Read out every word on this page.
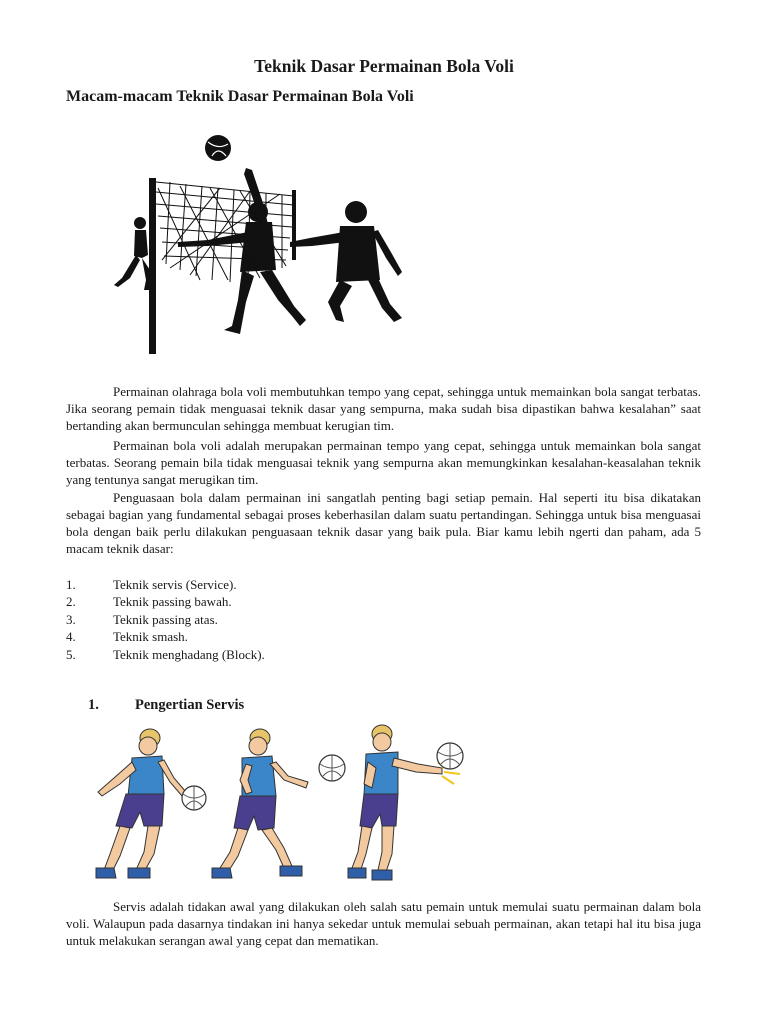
Teknik Dasar Permainan Bola Voli
Macam-macam Teknik Dasar Permainan Bola Voli

Permainan olahraga bola voli membutuhkan tempo yang cepat, sehingga untuk memainkan bola sangat terbatas. Jika seorang pemain tidak menguasai teknik dasar yang sempurna, maka sudah bisa dipastikan bahwa kesalahan” saat bertanding akan bermunculan sehingga membuat kerugian tim.

Permainan bola voli adalah merupakan permainan tempo yang cepat, sehingga untuk memainkan bola sangat terbatas. Seorang pemain bila tidak menguasai teknik yang sempurna akan memungkinkan kesalahan-keasalahan teknik yang tentunya sangat merugikan tim.

Penguasaan bola dalam permainan ini sangatlah penting bagi setiap pemain. Hal seperti itu bisa dikatakan sebagai bagian yang fundamental sebagai proses keberhasilan dalam suatu pertandingan. Sehingga untuk bisa menguasai bola dengan baik perlu dilakukan penguasaan teknik dasar yang baik pula. Biar kamu lebih ngerti dan paham, ada 5 macam teknik dasar:

1.	Teknik servis (Service).
2.	Teknik passing bawah.
3.	Teknik passing atas.
4.	Teknik smash.
5.	Teknik menghadang (Block).
1. Pengertian Servis

Servis adalah tidakan awal yang dilakukan oleh salah satu pemain untuk memulai suatu permainan dalam bola voli. Walaupun pada dasarnya tindakan ini hanya sekedar untuk memulai sebuah permainan, akan tetapi hal itu bisa juga untuk melakukan serangan awal yang cepat dan mematikan.
